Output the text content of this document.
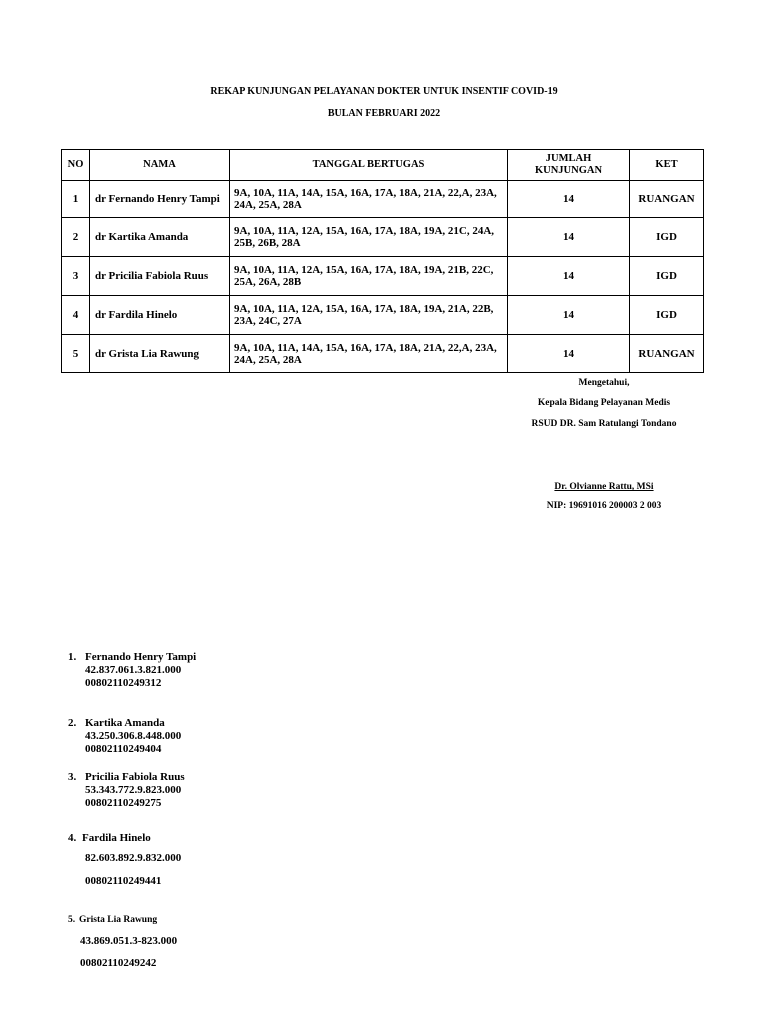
REKAP KUNJUNGAN PELAYANAN DOKTER UNTUK INSENTIF COVID-19
BULAN FEBRUARI 2022
NO	NAMA	TANGGAL BERTUGAS	JUMLAH KUNJUNGAN	KET
1	dr Fernando Henry Tampi	9A, 10A, 11A, 14A, 15A, 16A, 17A, 18A, 21A, 22,A, 23A,
24A, 25A, 28A	14	RUANGAN
2	dr Kartika Amanda	9A, 10A, 11A, 12A, 15A, 16A, 17A, 18A, 19A, 21C, 24A,
25B, 26B, 28A	14	IGD
3	dr Pricilia Fabiola Ruus	9A, 10A, 11A, 12A, 15A, 16A, 17A, 18A, 19A, 21B, 22C,
25A, 26A, 28B	14	IGD
4	dr Fardila Hinelo	9A, 10A, 11A, 12A, 15A, 16A, 17A, 18A, 19A, 21A, 22B,
23A, 24C, 27A	14	IGD
5	dr Grista Lia Rawung	9A, 10A, 11A, 14A, 15A, 16A, 17A, 18A, 21A, 22,A, 23A,
24A, 25A, 28A	14	RUANGAN
Mengetahui,
Kepala Bidang Pelayanan Medis
RSUD DR. Sam Ratulangi Tondano
Dr. Olvianne Rattu, MSi
NIP: 19691016 200003 2 003
1. Fernando Henry Tampi
42.837.061.3.821.000
00802110249312
2. Kartika Amanda
43.250.306.8.448.000
00802110249404
3. Pricilia Fabiola Ruus
53.343.772.9.823.000
00802110249275
4. Fardila Hinelo
82.603.892.9.832.000
00802110249441
5. Grista Lia Rawung
43.869.051.3-823.000
00802110249242
